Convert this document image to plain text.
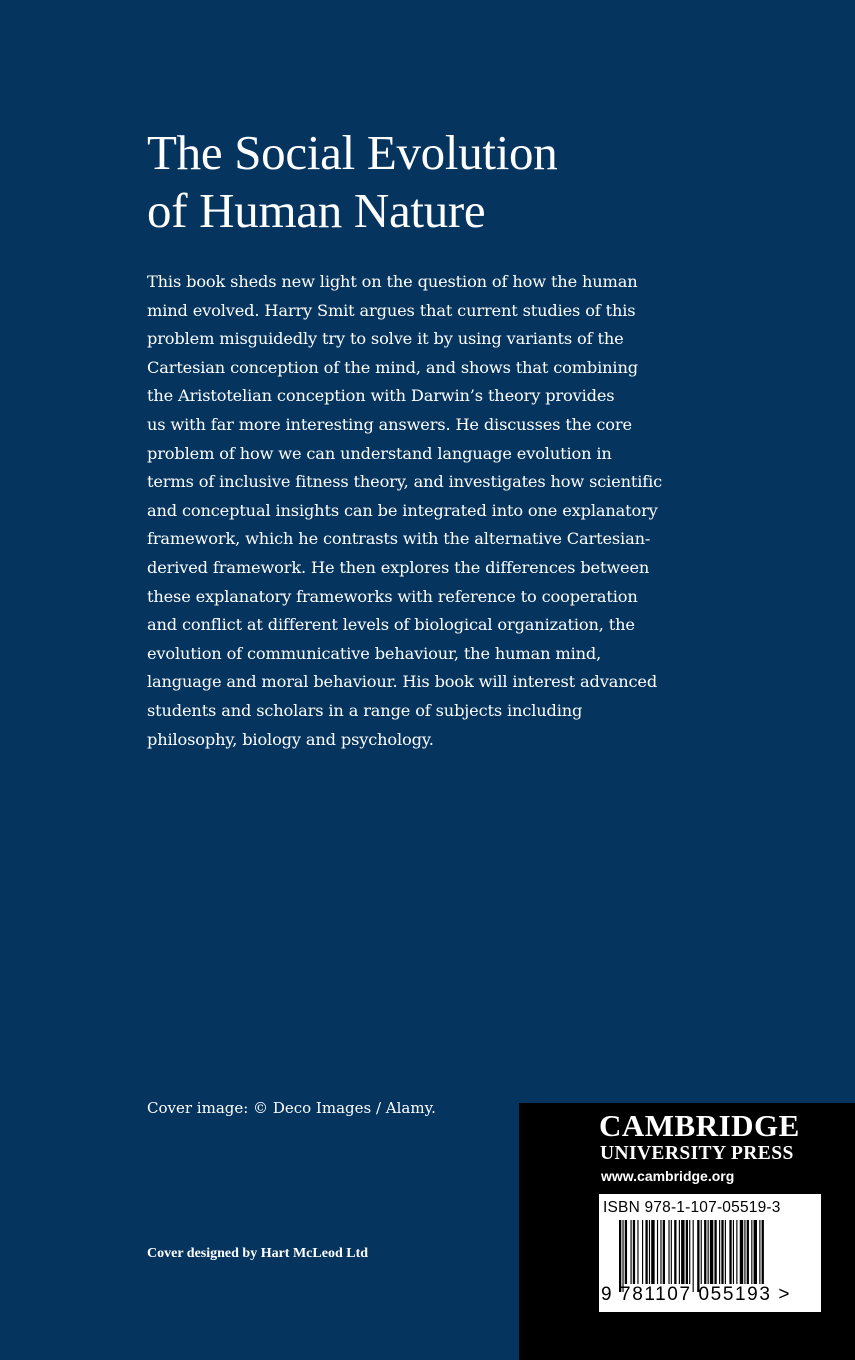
The Social Evolution
of Human Nature
This book sheds new light on the question of how the human
mind evolved. Harry Smit argues that current studies of this
problem misguidedly try to solve it by using variants of the
Cartesian conception of the mind, and shows that combining
the Aristotelian conception with Darwin’s theory provides
us with far more interesting answers. He discusses the core
problem of how we can understand language evolution in
terms of inclusive fitness theory, and investigates how scientific
and conceptual insights can be integrated into one explanatory
framework, which he contrasts with the alternative Cartesian-
derived framework. He then explores the differences between
these explanatory frameworks with reference to cooperation
and conflict at different levels of biological organization, the
evolution of communicative behaviour, the human mind,
language and moral behaviour. His book will interest advanced
students and scholars in a range of subjects including
philosophy, biology and psychology.
Cover image: © Deco Images / Alamy.
Cover designed by Hart McLeod Ltd
CAMBRIDGE
UNIVERSITY PRESS
www.cambridge.org
ISBN 978-1-107-05519-3
9 781107 055193 >
